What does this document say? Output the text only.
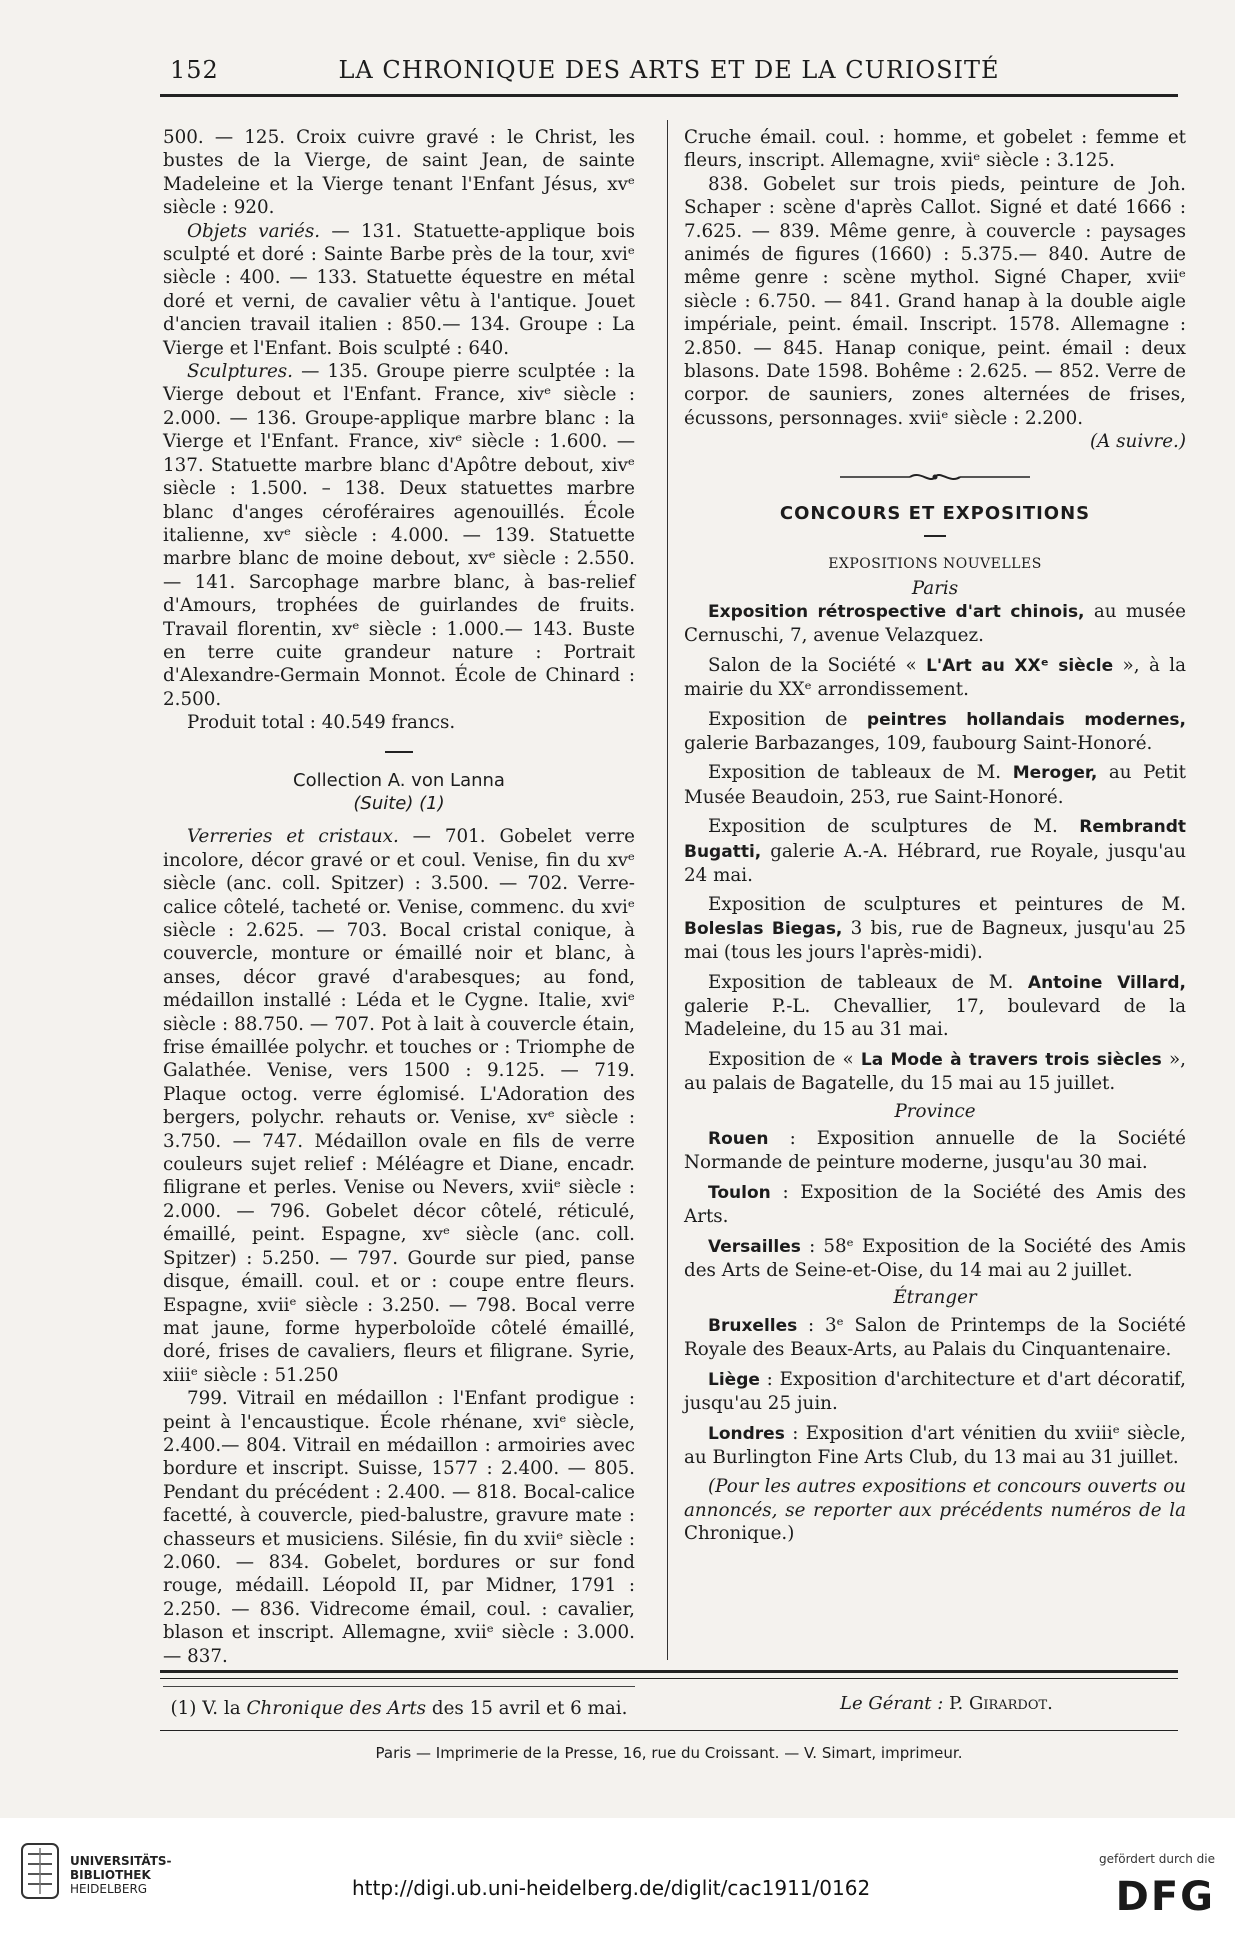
152	LA CHRONIQUE DES ARTS ET DE LA CURIOSITÉ

500. — 125. Croix cuivre gravé : le Christ, les bustes de la Vierge, de saint Jean, de sainte Madeleine et la Vierge tenant l'Enfant Jésus, xvᵉ siècle : 920.

Objets variés. — 131. Statuette-applique bois sculpté et doré : Sainte Barbe près de la tour, xviᵉ siècle : 400. — 133. Statuette équestre en métal doré et verni, de cavalier vêtu à l'antique. Jouet d'ancien travail italien : 850.— 134. Groupe : La Vierge et l'Enfant. Bois sculpté : 640.

Sculptures. — 135. Groupe pierre sculptée : la Vierge debout et l'Enfant. France, xivᵉ siècle : 2.000. — 136. Groupe-applique marbre blanc : la Vierge et l'Enfant. France, xivᵉ siècle : 1.600. — 137. Statuette marbre blanc d'Apôtre debout, xivᵉ siècle : 1.500. – 138. Deux statuettes marbre blanc d'anges céroféraires agenouillés. École italienne, xvᵉ siècle : 4.000. — 139. Statuette marbre blanc de moine debout, xvᵉ siècle : 2.550. — 141. Sarcophage marbre blanc, à bas-relief d'Amours, trophées de guirlandes de fruits. Travail florentin, xvᵉ siècle : 1.000.— 143. Buste en terre cuite grandeur nature : Portrait d'Alexandre-Germain Monnot. École de Chinard : 2.500.

Produit total : 40.549 francs.

Collection A. von Lanna

(Suite) (1)

Verreries et cristaux. — 701. Gobelet verre incolore, décor gravé or et coul. Venise, fin du xvᵉ siècle (anc. coll. Spitzer) : 3.500. — 702. Verre-calice côtelé, tacheté or. Venise, commenc. du xviᵉ siècle : 2.625. — 703. Bocal cristal conique, à couvercle, monture or émaillé noir et blanc, à anses, décor gravé d'arabesques; au fond, médaillon installé : Léda et le Cygne. Italie, xviᵉ siècle : 88.750. — 707. Pot à lait à couvercle étain, frise émaillée polychr. et touches or : Triomphe de Galathée. Venise, vers 1500 : 9.125. — 719. Plaque octog. verre églomisé. L'Adoration des bergers, polychr. rehauts or. Venise, xvᵉ siècle : 3.750. — 747. Médaillon ovale en fils de verre couleurs sujet relief : Méléagre et Diane, encadr. filigrane et perles. Venise ou Nevers, xviiᵉ siècle : 2.000. — 796. Gobelet décor côtelé, réticulé, émaillé, peint. Espagne, xvᵉ siècle (anc. coll. Spitzer) : 5.250. — 797. Gourde sur pied, panse disque, émaill. coul. et or : coupe entre fleurs. Espagne, xviiᵉ siècle : 3.250. — 798. Bocal verre mat jaune, forme hyperboloïde côtelé émaillé, doré, frises de cavaliers, fleurs et filigrane. Syrie, xiiiᵉ siècle : 51.250

799. Vitrail en médaillon : l'Enfant prodigue : peint à l'encaustique. École rhénane, xviᵉ siècle, 2.400.— 804. Vitrail en médaillon : armoiries avec bordure et inscript. Suisse, 1577 : 2.400. — 805. Pendant du précédent : 2.400. — 818. Bocal-calice facetté, à couvercle, pied-balustre, gravure mate : chasseurs et musiciens. Silésie, fin du xviiᵉ siècle : 2.060. — 834. Gobelet, bordures or sur fond rouge, médaill. Léopold II, par Midner, 1791 : 2.250. — 836. Vidrecome émail, coul. : cavalier, blason et inscript. Allemagne, xviiᵉ siècle : 3.000. — 837.

(1) V. la Chronique des Arts des 15 avril et 6 mai.

Cruche émail. coul. : homme, et gobelet : femme et fleurs, inscript. Allemagne, xviiᵉ siècle : 3.125.

838. Gobelet sur trois pieds, peinture de Joh. Schaper : scène d'après Callot. Signé et daté 1666 : 7.625. — 839. Même genre, à couvercle : paysages animés de figures (1660) : 5.375.— 840. Autre de même genre : scène mythol. Signé Chaper, xviiᵉ siècle : 6.750. — 841. Grand hanap à la double aigle impériale, peint. émail. Inscript. 1578. Allemagne : 2.850. — 845. Hanap conique, peint. émail : deux blasons. Date 1598. Bohême : 2.625. — 852. Verre de corpor. de sauniers, zones alternées de frises, écussons, personnages. xviiᵉ siècle : 2.200.

(A suivre.)

CONCOURS ET EXPOSITIONS

EXPOSITIONS NOUVELLES

Paris

Exposition rétrospective d'art chinois, au musée Cernuschi, 7, avenue Velazquez.

Salon de la Société « L'Art au XXᵉ siècle », à la mairie du XXᵉ arrondissement.

Exposition de peintres hollandais modernes, galerie Barbazanges, 109, faubourg Saint-Honoré.

Exposition de tableaux de M. Meroger, au Petit Musée Beaudoin, 253, rue Saint-Honoré.

Exposition de sculptures de M. Rembrandt Bugatti, galerie A.-A. Hébrard, rue Royale, jusqu'au 24 mai.

Exposition de sculptures et peintures de M. Boleslas Biegas, 3 bis, rue de Bagneux, jusqu'au 25 mai (tous les jours l'après-midi).

Exposition de tableaux de M. Antoine Villard, galerie P.-L. Chevallier, 17, boulevard de la Madeleine, du 15 au 31 mai.

Exposition de « La Mode à travers trois siècles », au palais de Bagatelle, du 15 mai au 15 juillet.

Province

Rouen : Exposition annuelle de la Société Normande de peinture moderne, jusqu'au 30 mai.

Toulon : Exposition de la Société des Amis des Arts.

Versailles : 58ᵉ Exposition de la Société des Amis des Arts de Seine-et-Oise, du 14 mai au 2 juillet.

Étranger

Bruxelles : 3ᵉ Salon de Printemps de la Société Royale des Beaux-Arts, au Palais du Cinquantenaire.

Liège : Exposition d'architecture et d'art décoratif, jusqu'au 25 juin.

Londres : Exposition d'art vénitien du xviiiᵉ siècle, au Burlington Fine Arts Club, du 13 mai au 31 juillet.

(Pour les autres expositions et concours ouverts ou annoncés, se reporter aux précédents numéros de la Chronique.)

Le Gérant : P. Girardot.
Paris — Imprimerie de la Presse, 16, rue du Croissant. — V. Simart, imprimeur.
UNIVERSITÄTS-
BIBLIOTHEK
HEIDELBERG	http://digi.ub.uni-heidelberg.de/diglit/cac1911/0162
gefördert durch die
DFG
